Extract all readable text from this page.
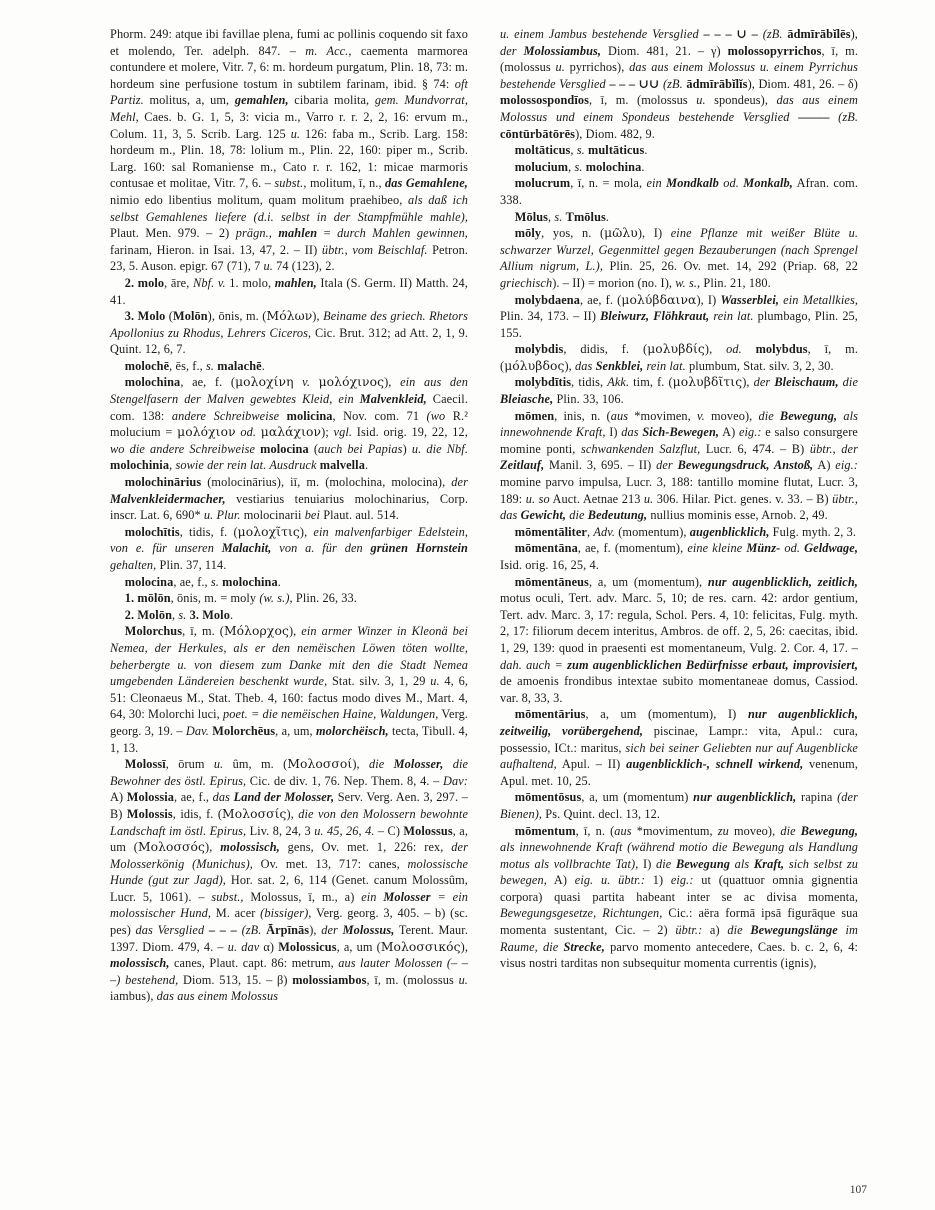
Phorm. 249: atque ibi favillae plena, fumi ac pollinis coquendo sit faxo et molendo, Ter. adelph. 847. – m. Acc., caementa marmorea contundere et molere, Vitr. 7, 6: m. hordeum purgatum, Plin. 18, 73: m. hordeum sine perfusione tostum in subtilem farinam, ibid. § 74: oft Partiz. molitus, a, um, gemahlen, cibaria molita, gem. Mundvorrat, Mehl, Caes. b. G. 1, 5, 3: vicia m., Varro r. r. 2, 2, 16: ervum m., Colum. 11, 3, 5. Scrib. Larg. 125 u. 126: faba m., Scrib. Larg. 158: hordeum m., Plin. 18, 78: lolium m., Plin. 22, 160: piper m., Scrib. Larg. 160: sal Romaniense m., Cato r. r. 162, 1: micae marmoris contusae et molitae, Vitr. 7, 6. – subst., molitum, ī, n., das Gemahlene, nimio edo libentius molitum, quam molitum praehibeo, als daß ich selbst Gemahlenes liefere (d.i. selbst in der Stampfmühle mahle), Plaut. Men. 979. – 2) prägn., mahlen = durch Mahlen gewinnen, farinam, Hieron. in Isai. 13, 47, 2. – II) übtr., vom Beischlaf. Petron. 23, 5. Auson. epigr. 67 (71), 7 u. 74 (123), 2.

2. molo, āre, Nbf. v. 1. molo, mahlen, Itala (S. Germ. II) Matth. 24, 41.

3. Molo (Molōn), ōnis, m. (Μόλων), Beiname des griech. Rhetors Apollonius zu Rhodus, Lehrers Ciceros, Cic. Brut. 312; ad Att. 2, 1, 9. Quint. 12, 6, 7.

molochē, ēs, f., s. malachē.

molochina, ae, f. (μολοχίνη v. μολόχινος), ein aus den Stengelfasern der Malven gewebtes Kleid, ein Malvenkleid, Caecil. com. 138: andere Schreibweise molicina, Nov. com. 71 (wo R.² molucium = μολόχιον od. μαλάχιον); vgl. Isid. orig. 19, 22, 12, wo die andere Schreibweise molocina (auch bei Papias) u. die Nbf. molochinia, sowie der rein lat. Ausdruck malvella.

molochinārius (molocinārius), iī, m. (molochina, molocina), der Malvenkleidermacher, vestiarius tenuiarius molochinarius, Corp. inscr. Lat. 6, 690* u. Plur. molocinarii bei Plaut. aul. 514.

molochītis, tidis, f. (μολοχῖτις), ein malvenfarbiger Edelstein, von e. für unseren Malachit, von a. für den grünen Hornstein gehalten, Plin. 37, 114.

molocina, ae, f., s. molochina.

1. mōlōn, ōnis, m. = moly (w. s.), Plin. 26, 33.

2. Molōn, s. 3. Molo.

Molorchus, ī, m. (Μόλορχος), ein armer Winzer in Kleonä bei Nemea, der Herkules, als er den nemëischen Löwen töten wollte, beherbergte u. von diesem zum Danke mit den die Stadt Nemea umgebenden Ländereien beschenkt wurde, Stat. silv. 3, 1, 29 u. 4, 6, 51: Cleonaeus M., Stat. Theb. 4, 160: factus modo dives M., Mart. 4, 64, 30: Molorchi luci, poet. = die nemëischen Haine, Waldungen, Verg. georg. 3, 19. – Dav. Molorchēus, a, um, molorchëisch, tecta, Tibull. 4, 1, 13.

Molossī, ōrum u. ûm, m. (Μολοσσοί), die Molosser, die Bewohner des östl. Epirus, Cic. de div. 1, 76. Nep. Them. 8, 4. – Dav: A) Molossia, ae, f., das Land der Molosser, Serv. Verg. Aen. 3, 297. – B) Molossis, idis, f. (Μολοσσίς), die von den Molossern bewohnte Landschaft im östl. Epirus, Liv. 8, 24, 3 u. 45, 26, 4. – C) Molossus, a, um (Μολοσσός), molossisch, gens, Ov. met. 1, 226: rex, der Molosserkönig (Munichus), Ov. met. 13, 717: canes, molossische Hunde (gut zur Jagd), Hor. sat. 2, 6, 114 (Genet. canum Molossûm, Lucr. 5, 1061). – subst., Molossus, ī, m., a) ein Molosser = ein molossischer Hund, M. acer (bissiger), Verg. georg. 3, 405. – b) (sc. pes) das Versglied – – – (zB. Ārpīnās), der Molossus, Terent. Maur. 1397. Diom. 479, 4. – u. dav α) Molossicus, a, um (Μολοσσικός), molossisch, canes, Plaut. capt. 86: metrum, aus lauter Molossen (– – –) bestehend, Diom. 513, 15. – β) molossiambos, ī, m. (molossus u. iambus), das aus einem Molossus

u. einem Jambus bestehende Versglied – – – ∪ – (zB. ādmīrābĭlēs), der Molossiambus, Diom. 481, 21. – γ) molossopyrrichos, ī, m. (molossus u. pyrrichos), das aus einem Molossus u. einem Pyrrichus bestehende Versglied – – – ∪∪ (zB. ādmīrābĭlĭs), Diom. 481, 26. – δ) molossospondīos, ī, m. (molossus u. spondeus), das aus einem Molossus und einem Spondeus bestehende Versglied ––––– (zB. cōntūrbātōrēs), Diom. 482, 9.

moltāticus, s. multāticus.

molucium, s. molochina.

molucrum, ī, n. = mola, ein Mondkalb od. Monkalb, Afran. com. 338.

Mōlus, s. Tmōlus.

mōly, yos, n. (μῶλυ), I) eine Pflanze mit weißer Blüte u. schwarzer Wurzel, Gegenmittel gegen Bezauberungen (nach Sprengel Allium nigrum, L.), Plin. 25, 26. Ov. met. 14, 292 (Priap. 68, 22 griechisch). – II) = morion (no. I), w. s., Plin. 21, 180.

molybdaena, ae, f. (μολύβδαινα), I) Wasserblei, ein Metallkies, Plin. 34, 173. – II) Bleiwurz, Flöhkraut, rein lat. plumbago, Plin. 25, 155.

molybdis, didis, f. (μολυβδίς), od. molybdus, ī, m. (μόλυβδος), das Senkblei, rein lat. plumbum, Stat. silv. 3, 2, 30.

molybdītis, tidis, Akk. tim, f. (μολυβδῖτις), der Bleischaum, die Bleiasche, Plin. 33, 106.

mōmen, inis, n. (aus *movimen, v. moveo), die Bewegung, als innewohnende Kraft, I) das Sich-Bewegen, A) eig.: e salso consurgere momine ponti, schwankenden Salzflut, Lucr. 6, 474. – B) übtr., der Zeitlauf, Manil. 3, 695. – II) der Bewegungsdruck, Anstoß, A) eig.: momine parvo impulsa, Lucr. 3, 188: tantillo momine flutat, Lucr. 3, 189: u. so Auct. Aetnae 213 u. 306. Hilar. Pict. genes. v. 33. – B) übtr., das Gewicht, die Bedeutung, nullius mominis esse, Arnob. 2, 49.

mōmentāliter, Adv. (momentum), augenblicklich, Fulg. myth. 2, 3.

mōmentāna, ae, f. (momentum), eine kleine Münz- od. Geldwage, Isid. orig. 16, 25, 4.

mōmentāneus, a, um (momentum), nur augenblicklich, zeitlich, motus oculi, Tert. adv. Marc. 5, 10; de res. carn. 42: ardor gentium, Tert. adv. Marc. 3, 17: regula, Schol. Pers. 4, 10: felicitas, Fulg. myth. 2, 17: filiorum decem interitus, Ambros. de off. 2, 5, 26: caecitas, ibid. 1, 29, 139: quod in praesenti est momentaneum, Vulg. 2. Cor. 4, 17. – dah. auch = zum augenblicklichen Bedürfnisse erbaut, improvisiert, de amoenis frondibus intextae subito momentaneae domus, Cassiod. var. 8, 33, 3.

mōmentārius, a, um (momentum), I) nur augenblicklich, zeitweilig, vorübergehend, piscinae, Lampr.: vita, Apul.: cura, possessio, ICt.: maritus, sich bei seiner Geliebten nur auf Augenblicke aufhaltend, Apul. – II) augenblicklich-, schnell wirkend, venenum, Apul. met. 10, 25.

mōmentōsus, a, um (momentum) nur augenblicklich, rapina (der Bienen), Ps. Quint. decl. 13, 12.

mōmentum, ī, n. (aus *movimentum, zu moveo), die Bewegung, als innewohnende Kraft (während motio die Bewegung als Handlung motus als vollbrachte Tat), I) die Bewegung als Kraft, sich selbst zu bewegen, A) eig. u. übtr.: 1) eig.: ut (quattuor omnia gignentia corpora) quasi partita habeant inter se ac divisa momenta, Bewegungsgesetze, Richtungen, Cic.: aëra formā ipsā figurāque sua momenta sustentant, Cic. – 2) übtr.: a) die Bewegungslänge im Raume, die Strecke, parvo momento antecedere, Caes. b. c. 2, 6, 4: visus nostri tarditas non subsequitur momenta currentis (ignis),

107
